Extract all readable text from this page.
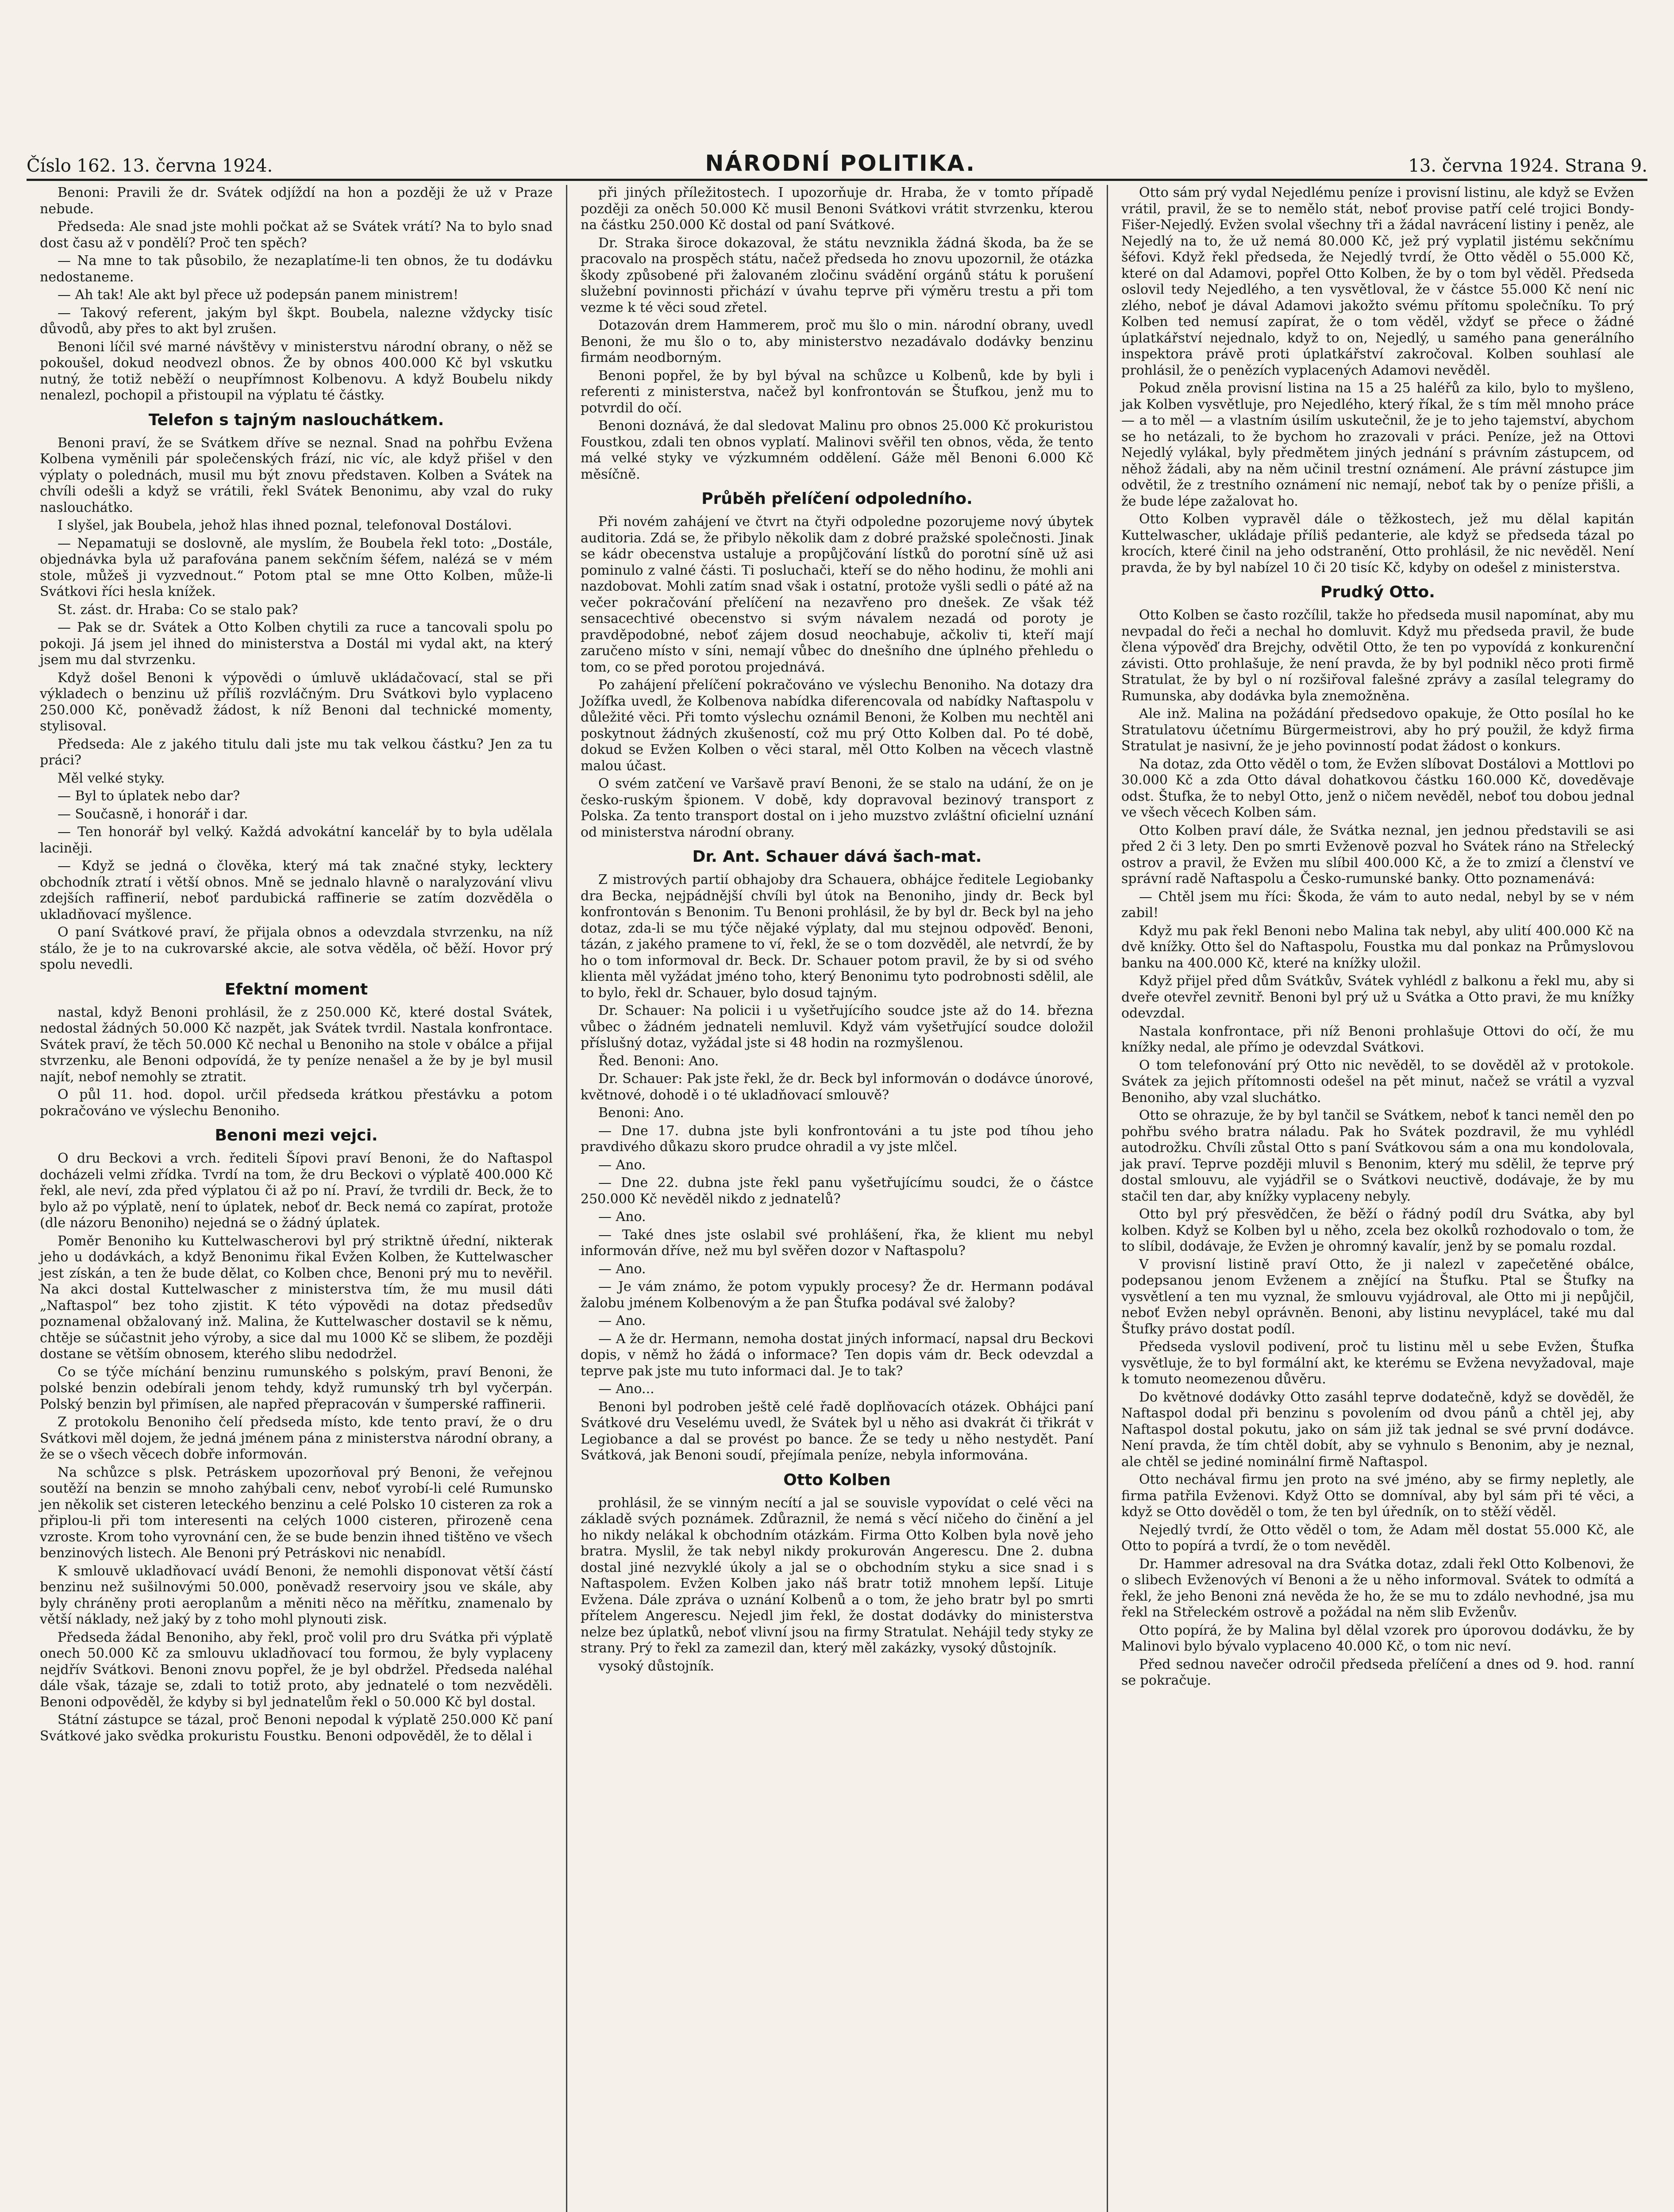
Číslo 162. 13. června 1924.	NÁRODNÍ POLITIKA.	13. června 1924. Strana 9.

Benoni: Pravili že dr. Svátek odjíždí na hon a později že už v Praze nebude.

Předseda: Ale snad jste mohli počkat až se Svátek vrátí? Na to bylo snad dost času až v pondělí? Proč ten spěch?

— Na mne to tak působilo, že nezaplatíme-li ten obnos, že tu dodávku nedostaneme.

— Ah tak! Ale akt byl přece už podepsán panem ministrem!

— Takový referent, jakým byl škpt. Boubela, nalezne vždycky tisíc důvodů, aby přes to akt byl zrušen.

Benoni líčil své marné návštěvy v ministerstvu národní obrany, o něž se pokoušel, dokud neodvezl obnos. Že by obnos 400.000 Kč byl vskutku nutný, že totiž neběží o neupřímnost Kolbenovu. A když Boubelu nikdy nenalezl, pochopil a přistoupil na výplatu té částky.

Telefon s tajným naslouchátkem.

Benoni praví, že se Svátkem dříve se neznal. Snad na pohřbu Evžena Kolbena vyměnili pár společenských frází, nic víc, ale když přišel v den výplaty o polednách, musil mu být znovu představen. Kolben a Svátek na chvíli odešli a když se vrátili, řekl Svátek Benonimu, aby vzal do ruky naslouchátko.

I slyšel, jak Boubela, jehož hlas ihned poznal, telefonoval Dostálovi.

— Nepamatuji se doslovně, ale myslím, že Boubela řekl toto: „Dostále, objednávka byla už parafována panem sekčním šéfem, nalézá se v mém stole, můžeš ji vyzvednout.“ Potom ptal se mne Otto Kolben, může-li Svátkovi říci hesla knížek.

St. zást. dr. Hraba: Co se stalo pak?

— Pak se dr. Svátek a Otto Kolben chytili za ruce a tancovali spolu po pokoji. Já jsem jel ihned do ministerstva a Dostál mi vydal akt, na který jsem mu dal stvrzenku.

Když došel Benoni k výpovědi o úmluvě ukládačovací, stal se při výkladech o benzinu už příliš rozvláčným. Dru Svátkovi bylo vyplaceno 250.000 Kč, poněvadž žádost, k níž Benoni dal technické momenty, stylisoval.

Předseda: Ale z jakého titulu dali jste mu tak velkou částku? Jen za tu práci?

Měl velké styky.

— Byl to úplatek nebo dar?

— Současně, i honorář i dar.

— Ten honorář byl velký. Každá advokátní kancelář by to byla udělala laciněji.

— Když se jedná o člověka, který má tak značné styky, lecktery obchodník ztratí i větší obnos. Mně se jednalo hlavně o naralyzování vlivu zdejších raffinerií, neboť pardubická raffinerie se zatím dozvěděla o ukladňovací myšlence.

O paní Svátkové praví, že přijala obnos a odevzdala stvrzenku, na níž stálo, že je to na cukrovarské akcie, ale sotva věděla, oč běží. Hovor prý spolu nevedli.

Efektní moment

nastal, když Benoni prohlásil, že z 250.000 Kč, které dostal Svátek, nedostal žádných 50.000 Kč nazpět, jak Svátek tvrdil. Nastala konfrontace. Svátek praví, že těch 50.000 Kč nechal u Benoniho na stole v obálce a přijal stvrzenku, ale Benoni odpovídá, že ty peníze nenašel a že by je byl musil najít, nebof nemohly se ztratit.

O půl 11. hod. dopol. určil předseda krátkou přestávku a potom pokračováno ve výslechu Benoniho.

Benoni mezi vejci.

O dru Beckovi a vrch. řediteli Šípovi praví Benoni, že do Naftaspol docházeli velmi zřídka. Tvrdí na tom, že dru Beckovi o výplatě 400.000 Kč řekl, ale neví, zda před výplatou či až po ní. Praví, že tvrdili dr. Beck, že to bylo až po výplatě, není to úplatek, neboť dr. Beck nemá co zapírat, protože (dle názoru Benoniho) nejedná se o žádný úplatek.

Poměr Benoniho ku Kuttelwascherovi byl prý striktně úřední, nikterak jeho u dodávkách, a když Benonimu řikal Evžen Kolben, že Kuttelwascher jest získán, a ten že bude dělat, co Kolben chce, Benoni prý mu to nevěřil. Na akci dostal Kuttelwascher z ministerstva tím, že mu musil dáti „Naftaspol“ bez toho zjistit. K této výpovědi na dotaz předsedův poznamenal obžalovaný inž. Malina, že Kuttelwascher dostavil se k němu, chtěje se súčastnit jeho výroby, a sice dal mu 1000 Kč se slibem, že později dostane se větším obnosem, kterého slibu nedodržel.

Co se týče míchání benzinu rumunského s polským, praví Benoni, že polské benzin odebírali jenom tehdy, když rumunský trh byl vyčerpán. Polský benzin byl přimísen, ale napřed přepracován v šumperské raffinerii.

Z protokolu Benoniho čelí předseda místo, kde tento praví, že o dru Svátkovi měl dojem, že jedná jménem pána z ministerstva národní obrany, a že se o všech věcech dobře informován.

Na schůzce s plsk. Petráskem upozorňoval prý Benoni, že veřejnou soutěží na benzin se mnoho zahýbali cenv, neboť vyrobí-li celé Rumunsko jen několik set cisteren leteckého benzinu a celé Polsko 10 cisteren za rok a připlou-li při tom interesenti na celých 1000 cisteren, přirozeně cena vzroste. Krom toho vyrovnání cen, že se bude benzin ihned tištěno ve všech benzinových listech. Ale Benoni prý Petráskovi nic nenabídl.

K smlouvě ukladňovací uvádí Benoni, že nemohli disponovat větší částí benzinu než sušilnovými 50.000, poněvadž reservoiry jsou ve skále, aby byly chráněny proti aeroplanům a měniti něco na měřítku, znamenalo by větší náklady, než jaký by z toho mohl plynouti zisk.

Předseda žádal Benoniho, aby řekl, proč volil pro dru Svátka při výplatě onech 50.000 Kč za smlouvu ukladňovací tou formou, že byly vyplaceny nejdřív Svátkovi. Benoni znovu popřel, že je byl obdržel. Předseda naléhal dále však, tázaje se, zdali to totiž proto, aby jednatelé o tom nezvěděli. Benoni odpověděl, že kdyby si byl jednatelům řekl o 50.000 Kč byl dostal.

Státní zástupce se tázal, proč Benoni nepodal k výplatě 250.000 Kč paní Svátkové jako svědka prokuristu Foustku. Benoni odpověděl, že to dělal i

při jiných příležitostech. I upozorňuje dr. Hraba, že v tomto případě později za oněch 50.000 Kč musil Benoni Svátkovi vrátit stvrzenku, kterou na částku 250.000 Kč dostal od paní Svátkové.

Dr. Straka široce dokazoval, že státu nevznikla žádná škoda, ba že se pracovalo na prospěch státu, načež předseda ho znovu upozornil, že otázka škody způsobené při žalovaném zločinu svádění orgánů státu k porušení služební povinnosti přichází v úvahu teprve při výměru trestu a při tom vezme k té věci soud zřetel.

Dotazován drem Hammerem, proč mu šlo o min. národní obrany, uvedl Benoni, že mu šlo o to, aby ministerstvo nezadávalo dodávky benzinu firmám neodborným.

Benoni popřel, že by byl býval na schůzce u Kolbenů, kde by byli i referenti z ministerstva, načež byl konfrontován se Štufkou, jenž mu to potvrdil do očí.

Benoni doznává, že dal sledovat Malinu pro obnos 25.000 Kč prokuristou Foustkou, zdali ten obnos vyplatí. Malinovi svěřil ten obnos, věda, že tento má velké styky ve výzkumném oddělení. Gáže měl Benoni 6.000 Kč měsíčně.

Průběh přelíčení odpoledního.

Při novém zahájení ve čtvrt na čtyři odpoledne pozorujeme nový úbytek auditoria. Zdá se, že přibylo několik dam z dobré pražské společnosti. Jinak se kádr obecenstva ustaluje a propůjčování lístků do porotní síně už asi pominulo z valné části. Ti posluchači, kteří se do něho hodinu, že mohli ani nazdobovat. Mohli zatím snad však i ostatní, protože vyšli sedli o páté až na večer pokračování přelíčení na nezavřeno pro dnešek. Ze však též sensacechtivé obecenstvo si svým návalem nezadá od poroty je pravděpodobné, neboť zájem dosud neochabuje, ačkoliv ti, kteří mají zaručeno místo v síni, nemají vůbec do dnešního dne úplného přehledu o tom, co se před porotou projednává.

Po zahájení přelíčení pokračováno ve výslechu Benoniho. Na dotazy dra Jožífka uvedl, že Kolbenova nabídka diferencovala od nabídky Naftaspolu v důležité věci. Při tomto výslechu oznámil Benoni, že Kolben mu nechtěl ani poskytnout žádných zkušeností, což mu prý Otto Kolben dal. Po té době, dokud se Evžen Kolben o věci staral, měl Otto Kolben na věcech vlastně malou účast.

O svém zatčení ve Varšavě praví Benoni, že se stalo na udání, že on je česko-ruským špionem. V době, kdy dopravoval bezinový transport z Polska. Za tento transport dostal on i jeho muzstvo zvláštní oficielní uznání od ministerstva národní obrany.

Dr. Ant. Schauer dává šach-mat.

Z mistrových partií obhajoby dra Schauera, obhájce ředitele Legiobanky dra Becka, nejpádnější chvíli byl útok na Benoniho, jindy dr. Beck byl konfrontován s Benonim. Tu Benoni prohlásil, že by byl dr. Beck byl na jeho dotaz, zda-li se mu týče nějaké výplaty, dal mu stejnou odpověď. Benoni, tázán, z jakého pramene to ví, řekl, že se o tom dozvěděl, ale netvrdí, že by ho o tom informoval dr. Beck. Dr. Schauer potom pravil, že by si od svého klienta měl vyžádat jméno toho, který Benonimu tyto podrobnosti sdělil, ale to bylo, řekl dr. Schauer, bylo dosud tajným.

Dr. Schauer: Na policii i u vyšetřujícího soudce jste až do 14. března vůbec o žádném jednateli nemluvil. Když vám vyšetřující soudce doložil příslušný dotaz, vyžádal jste si 48 hodin na rozmyšlenou.

Řed. Benoni: Ano.

Dr. Schauer: Pak jste řekl, že dr. Beck byl informován o dodávce únorové, květnové, dohodě i o té ukladňovací smlouvě?

Benoni: Ano.

— Dne 17. dubna jste byli konfrontováni a tu jste pod tíhou jeho pravdivého důkazu skoro prudce ohradil a vy jste mlčel.

— Ano.

— Dne 22. dubna jste řekl panu vyšetřujícímu soudci, že o částce 250.000 Kč nevěděl nikdo z jednatelů?

— Ano.

— Také dnes jste oslabil své prohlášení, řka, že klient mu nebyl informován dříve, než mu byl svěřen dozor v Naftaspolu?

— Ano.

— Je vám známo, že potom vypukly procesy? Že dr. Hermann podával žalobu jménem Kolbenovým a že pan Štufka podával své žaloby?

— Ano.

— A že dr. Hermann, nemoha dostat jiných informací, napsal dru Beckovi dopis, v němž ho žádá o informace? Ten dopis vám dr. Beck odevzdal a teprve pak jste mu tuto informaci dal. Je to tak?

— Ano...

Benoni byl podroben ještě celé řadě doplňovacích otázek. Obhájci paní Svátkové dru Veselému uvedl, že Svátek byl u něho asi dvakrát či třikrát v Legiobance a dal se provést po bance. Že se tedy u něho nestydět. Paní Svátková, jak Benoni soudí, přejímala peníze, nebyla informována.

Otto Kolben

prohlásil, že se vinným necítí a jal se souvisle vypovídat o celé věci na základě svých poznámek. Zdůraznil, že nemá s věcí ničeho do činění a jel ho nikdy nelákal k obchodním otázkám. Firma Otto Kolben byla nově jeho bratra. Myslil, že tak nebyl nikdy prokurován Angerescu. Dne 2. dubna dostal jiné nezvyklé úkoly a jal se o obchodním styku a sice snad i s Naftaspolem. Evžen Kolben jako náš bratr totiž mnohem lepší. Lituje Evžena. Dále zpráva o uznání Kolbenů a o tom, že jeho bratr byl po smrti přítelem Angerescu. Nejedl jim řekl, že dostat dodávky do ministerstva nelze bez úplatků, neboť vlivní jsou na firmy Stratulat. Nehájil tedy styky ze strany. Prý to řekl za zamezil dan, který měl zakázky, vysoký důstojník.

vysoký důstojník.

Otto sám prý vydal Nejedlému peníze i provisní listinu, ale když se Evžen vrátil, pravil, že se to nemělo stát, neboť provise patří celé trojici Bondy-Fišer-Nejedlý. Evžen svolal všechny tři a žádal navrácení listiny i peněz, ale Nejedlý na to, že už nemá 80.000 Kč, jež prý vyplatil jistému sekčnímu šéfovi. Když řekl předseda, že Nejedlý tvrdí, že Otto věděl o 55.000 Kč, které on dal Adamovi, popřel Otto Kolben, že by o tom byl věděl. Předseda oslovil tedy Nejedlého, a ten vysvětloval, že v částce 55.000 Kč není nic zlého, neboť je dával Adamovi jakožto svému přítomu společníku. To prý Kolben ted nemusí zapírat, že o tom věděl, vždyť se přece o žádné úplatkářství nejednalo, když to on, Nejedlý, u samého pana generálního inspektora právě proti úplatkářství zakročoval. Kolben souhlasí ale prohlásil, že o penězích vyplacených Adamovi nevěděl.

Pokud zněla provisní listina na 15 a 25 haléřů za kilo, bylo to myšleno, jak Kolben vysvětluje, pro Nejedlého, který říkal, že s tím měl mnoho práce — a to měl — a vlastním úsilím uskutečnil, že je to jeho tajemství, abychom se ho netázali, to že bychom ho zrazovali v práci. Peníze, jež na Ottovi Nejedlý vylákal, byly předmětem jiných jednání s právním zástupcem, od něhož žádali, aby na něm učinil trestní oznámení. Ale právní zástupce jim odvětil, že z trestního oznámení nic nemají, neboť tak by o peníze přišli, a že bude lépe zažalovat ho.

Otto Kolben vypravěl dále o těžkostech, jež mu dělal kapitán Kuttelwascher, ukládaje příliš pedanterie, ale když se předseda tázal po krocích, které činil na jeho odstranění, Otto prohlásil, že nic nevěděl. Není pravda, že by byl nabízel 10 či 20 tisíc Kč, kdyby on odešel z ministerstva.

Prudký Otto.

Otto Kolben se často rozčílil, takže ho předseda musil napomínat, aby mu nevpadal do řeči a nechal ho domluvit. Když mu předseda pravil, že bude člena výpověď dra Brejchy, odvětil Otto, že ten po vypovídá z konkurenční závisti. Otto prohlašuje, že není pravda, že by byl podnikl něco proti firmě Stratulat, že by byl o ní rozšiřoval falešné zprávy a zasílal telegramy do Rumunska, aby dodávka byla znemožněna.

Ale inž. Malina na požádání předsedovo opakuje, že Otto posílal ho ke Stratulatovu účetnímu Bürgermeistrovi, aby ho prý použil, že když firma Stratulat je nasivní, že je jeho povinností podat žádost o konkurs.

Na dotaz, zda Otto věděl o tom, že Evžen slíbovat Dostálovi a Mottlovi po 30.000 Kč a zda Otto dával dohatkovou částku 160.000 Kč, doveděvaje odst. Štufka, že to nebyl Otto, jenž o ničem nevěděl, neboť tou dobou jednal ve všech věcech Kolben sám.

Otto Kolben praví dále, že Svátka neznal, jen jednou představili se asi před 2 či 3 lety. Den po smrti Evženově pozval ho Svátek ráno na Střelecký ostrov a pravil, že Evžen mu slíbil 400.000 Kč, a že to zmizí a členství ve správní radě Naftaspolu a Česko-rumunské banky. Otto poznamenává:

— Chtěl jsem mu říci: Škoda, že vám to auto nedal, nebyl by se v ném zabil!

Když mu pak řekl Benoni nebo Malina tak nebyl, aby ulití 400.000 Kč na dvě knížky. Otto šel do Naftaspolu, Foustka mu dal ponkaz na Průmyslovou banku na 400.000 Kč, které na knížky uložil.

Když přijel před dům Svátkův, Svátek vyhlédl z balkonu a řekl mu, aby si dveře otevřel zevnitř. Benoni byl prý už u Svátka a Otto pravi, že mu knížky odevzdal.

Nastala konfrontace, při níž Benoni prohlašuje Ottovi do očí, že mu knížky nedal, ale přímo je odevzdal Svátkovi.

O tom telefonování prý Otto nic nevěděl, to se dověděl až v protokole. Svátek za jejich přítomnosti odešel na pět minut, načež se vrátil a vyzval Benoniho, aby vzal sluchátko.

Otto se ohrazuje, že by byl tančil se Svátkem, neboť k tanci neměl den po pohřbu svého bratra náladu. Pak ho Svátek pozdravil, že mu vyhlédl autodrožku. Chvíli zůstal Otto s paní Svátkovou sám a ona mu kondolovala, jak praví. Teprve později mluvil s Benonim, který mu sdělil, že teprve prý dostal smlouvu, ale vyjádřil se o Svátkovi neuctivě, dodávaje, že by mu stačil ten dar, aby knížky vyplaceny nebyly.

Otto byl prý přesvědčen, že běží o řádný podíl dru Svátka, aby byl kolben. Když se Kolben byl u něho, zcela bez okolků rozhodovalo o tom, že to slíbil, dodávaje, že Evžen je ohromný kavalír, jenž by se pomalu rozdal.

V provisní listině praví Otto, že ji nalezl v zapečetěné obálce, podepsanou jenom Evženem a znějící na Štufku. Ptal se Štufky na vysvětlení a ten mu vyznal, že smlouvu vyjádroval, ale Otto mi ji nepůjčil, neboť Evžen nebyl oprávněn. Benoni, aby listinu nevyplácel, také mu dal Štufky právo dostat podíl.

Předseda vyslovil podivení, proč tu listinu měl u sebe Evžen, Štufka vysvětluje, že to byl formální akt, ke kterému se Evžena nevyžadoval, maje k tomuto neomezenou důvěru.

Do květnové dodávky Otto zasáhl teprve dodatečně, když se dověděl, že Naftaspol dodal při benzinu s povolením od dvou pánů a chtěl jej, aby Naftaspol dostal pokutu, jako on sám již tak jednal se své první dodávce. Není pravda, že tím chtěl dobít, aby se vyhnulo s Benonim, aby je neznal, ale chtěl se jediné nominální firmě Naftaspol.

Otto nechával firmu jen proto na své jméno, aby se firmy nepletly, ale firma patřila Evženovi. Když Otto se domníval, aby byl sám při té věci, a když se Otto dověděl o tom, že ten byl úředník, on to stěží věděl.

Nejedlý tvrdí, že Otto věděl o tom, že Adam měl dostat 55.000 Kč, ale Otto to popírá a tvrdí, že o tom nevěděl.

Dr. Hammer adresoval na dra Svátka dotaz, zdali řekl Otto Kolbenovi, že o slibech Evženových ví Benoni a že u něho informoval. Svátek to odmítá a řekl, že jeho Benoni zná nevěda že ho, že se mu to zdálo nevhodné, jsa mu řekl na Střeleckém ostrově a požádal na něm slib Evženův.

Otto popírá, že by Malina byl dělal vzorek pro úporovou dodávku, že by Malinovi bylo bývalo vyplaceno 40.000 Kč, o tom nic neví.

Před sednou navečer odročil předseda přelíčení a dnes od 9. hod. ranní se pokračuje.
